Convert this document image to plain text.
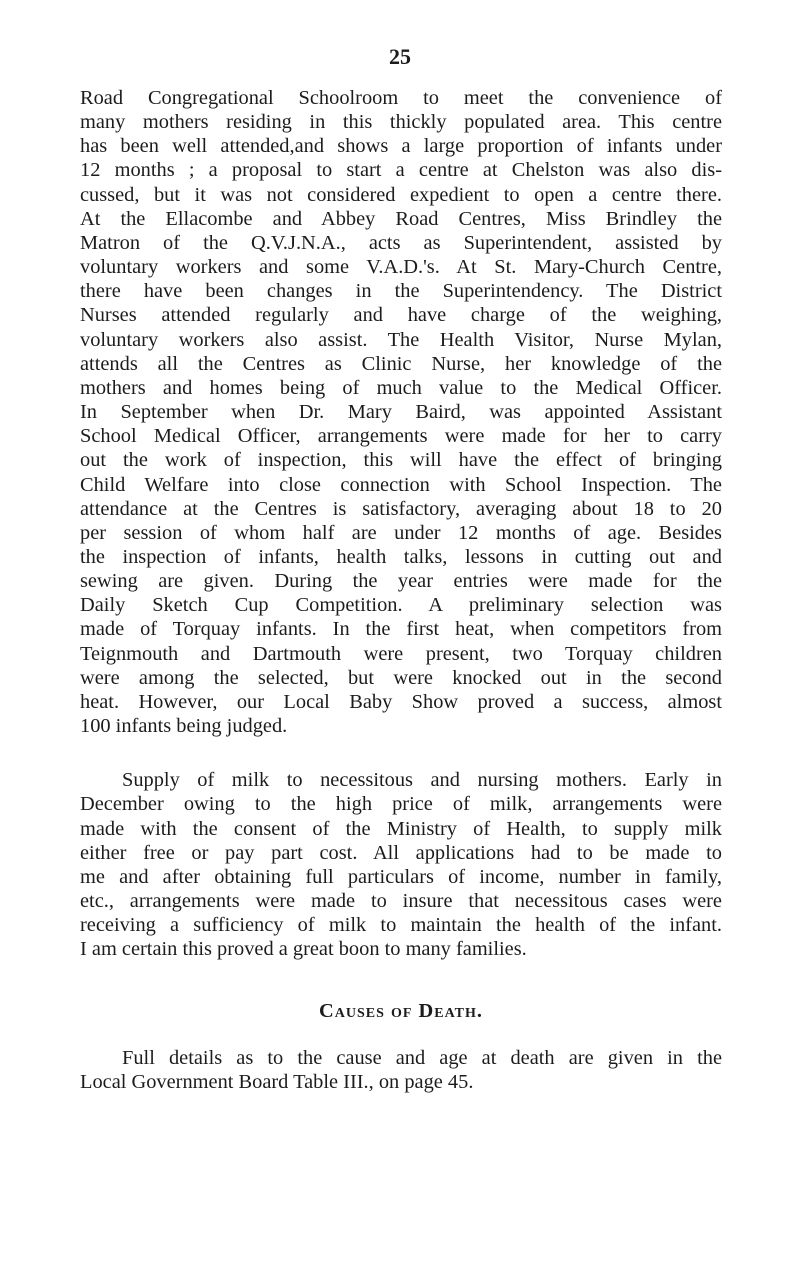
25

Road Congregational Schoolroom to meet the convenience of
many mothers residing in this thickly populated area. This centre
has been well attended,and shows a large proportion of infants under
12 months ; a proposal to start a centre at Chelston was also dis-
cussed, but it was not considered expedient to open a centre there.
At the Ellacombe and Abbey Road Centres, Miss Brindley the
Matron of the Q.V.J.N.A., acts as Superintendent, assisted by
voluntary workers and some V.A.D.'s. At St. Mary-Church Centre,
there have been changes in the Superintendency. The District
Nurses attended regularly and have charge of the weighing,
voluntary workers also assist. The Health Visitor, Nurse Mylan,
attends all the Centres as Clinic Nurse, her knowledge of the
mothers and homes being of much value to the Medical Officer.
In September when Dr. Mary Baird, was appointed Assistant
School Medical Officer, arrangements were made for her to carry
out the work of inspection, this will have the effect of bringing
Child Welfare into close connection with School Inspection. The
attendance at the Centres is satisfactory, averaging about 18 to 20
per session of whom half are under 12 months of age. Besides
the inspection of infants, health talks, lessons in cutting out and
sewing are given. During the year entries were made for the
Daily Sketch Cup Competition. A preliminary selection was
made of Torquay infants. In the first heat, when competitors from
Teignmouth and Dartmouth were present, two Torquay children
were among the selected, but were knocked out in the second
heat. However, our Local Baby Show proved a success, almost
100 infants being judged.
Supply of milk to necessitous and nursing mothers. Early in
December owing to the high price of milk, arrangements were
made with the consent of the Ministry of Health, to supply milk
either free or pay part cost. All applications had to be made to
me and after obtaining full particulars of income, number in family,
etc., arrangements were made to insure that necessitous cases were
receiving a sufficiency of milk to maintain the health of the infant.
I am certain this proved a great boon to many families.
Causes of Death.
Full details as to the cause and age at death are given in the
Local Government Board Table III., on page 45.
